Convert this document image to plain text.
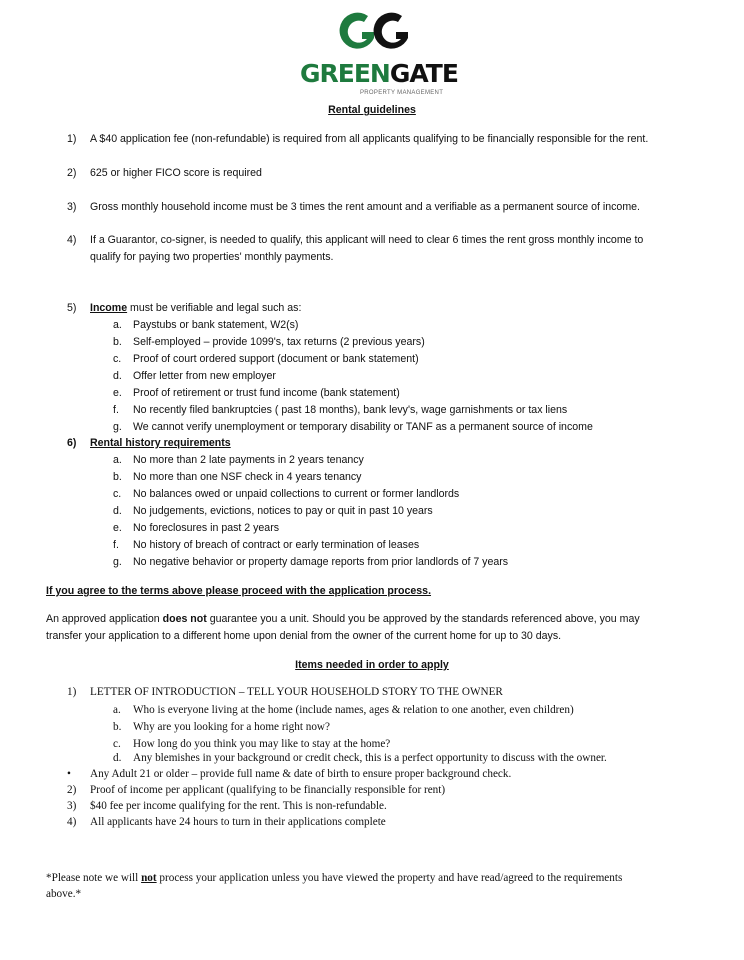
GREENGATE
PROPERTY MANAGEMENT
Rental guidelines
1) A $40 application fee (non-refundable) is required from all applicants qualifying to be financially responsible for the rent.
2) 625 or higher FICO score is required
3) Gross monthly household income must be 3 times the rent amount and a verifiable as a permanent source of income.
4) If a Guarantor, co-signer, is needed to qualify, this applicant will need to clear 6 times the rent gross monthly income to
qualify for paying two properties' monthly payments.
5) Income must be verifiable and legal such as:
a. Paystubs or bank statement, W2(s)
b. Self-employed – provide 1099's, tax returns (2 previous years)
c. Proof of court ordered support (document or bank statement)
d. Offer letter from new employer
e. Proof of retirement or trust fund income (bank statement)
f. No recently filed bankruptcies ( past 18 months), bank levy's, wage garnishments or tax liens
g. We cannot verify unemployment or temporary disability or TANF as a permanent source of income
6) Rental history requirements
a. No more than 2 late payments in 2 years tenancy
b. No more than one NSF check in 4 years tenancy
c. No balances owed or unpaid collections to current or former landlords
d. No judgements, evictions, notices to pay or quit in past 10 years
e. No foreclosures in past 2 years
f. No history of breach of contract or early termination of leases
g. No negative behavior or property damage reports from prior landlords of 7 years
If you agree to the terms above please proceed with the application process.
An approved application does not guarantee you a unit. Should you be approved by the standards referenced above, you may
transfer your application to a different home upon denial from the owner of the current home for up to 30 days.
Items needed in order to apply
1) LETTER OF INTRODUCTION – TELL YOUR HOUSEHOLD STORY TO THE OWNER
a. Who is everyone living at the home (include names, ages & relation to one another, even children)
b. Why are you looking for a home right now?
c. How long do you think you may like to stay at the home?
d. Any blemishes in your background or credit check, this is a perfect opportunity to discuss with the owner.
• Any Adult 21 or older – provide full name & date of birth to ensure proper background check.
2) Proof of income per applicant (qualifying to be financially responsible for rent)
3) $40 fee per income qualifying for the rent. This is non-refundable.
4) All applicants have 24 hours to turn in their applications complete
*Please note we will not process your application unless you have viewed the property and have read/agreed to the requirements
above.*
